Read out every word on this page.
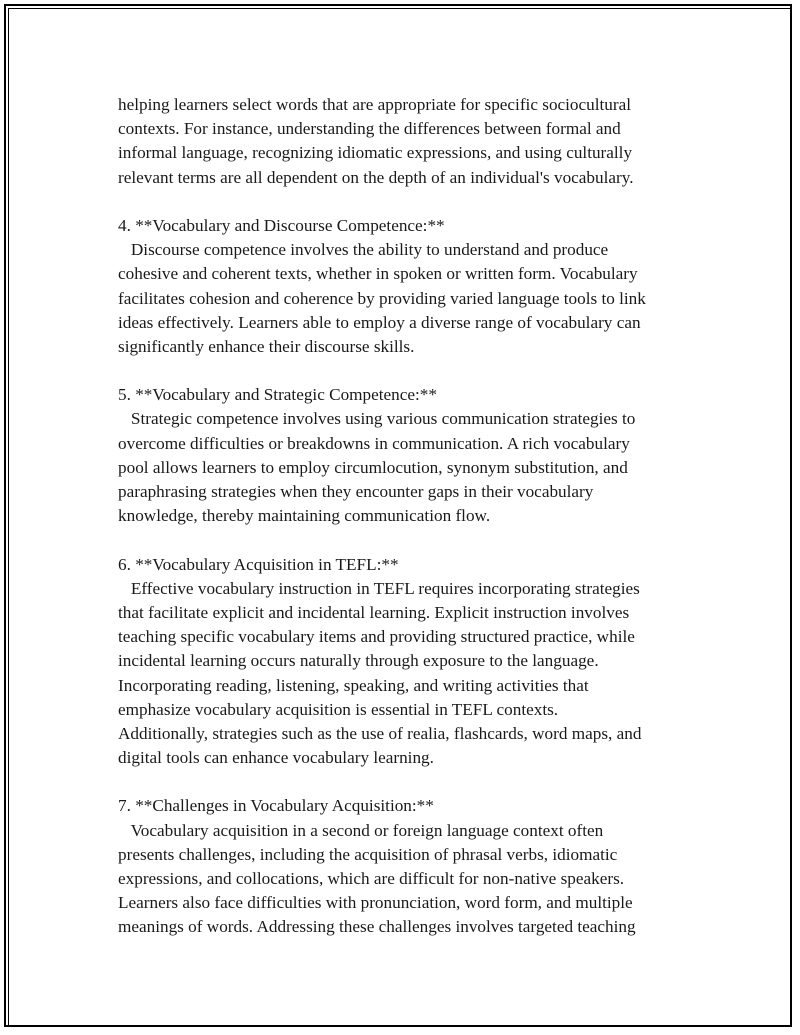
helping learners select words that are appropriate for specific sociocultural
contexts. For instance, understanding the differences between formal and
informal language, recognizing idiomatic expressions, and using culturally
relevant terms are all dependent on the depth of an individual's vocabulary.
4. **Vocabulary and Discourse Competence:**
Discourse competence involves the ability to understand and produce
cohesive and coherent texts, whether in spoken or written form. Vocabulary
facilitates cohesion and coherence by providing varied language tools to link
ideas effectively. Learners able to employ a diverse range of vocabulary can
significantly enhance their discourse skills.
5. **Vocabulary and Strategic Competence:**
Strategic competence involves using various communication strategies to
overcome difficulties or breakdowns in communication. A rich vocabulary
pool allows learners to employ circumlocution, synonym substitution, and
paraphrasing strategies when they encounter gaps in their vocabulary
knowledge, thereby maintaining communication flow.
6. **Vocabulary Acquisition in TEFL:**
Effective vocabulary instruction in TEFL requires incorporating strategies
that facilitate explicit and incidental learning. Explicit instruction involves
teaching specific vocabulary items and providing structured practice, while
incidental learning occurs naturally through exposure to the language.
Incorporating reading, listening, speaking, and writing activities that
emphasize vocabulary acquisition is essential in TEFL contexts.
Additionally, strategies such as the use of realia, flashcards, word maps, and
digital tools can enhance vocabulary learning.
7. **Challenges in Vocabulary Acquisition:**
Vocabulary acquisition in a second or foreign language context often
presents challenges, including the acquisition of phrasal verbs, idiomatic
expressions, and collocations, which are difficult for non-native speakers.
Learners also face difficulties with pronunciation, word form, and multiple
meanings of words. Addressing these challenges involves targeted teaching
